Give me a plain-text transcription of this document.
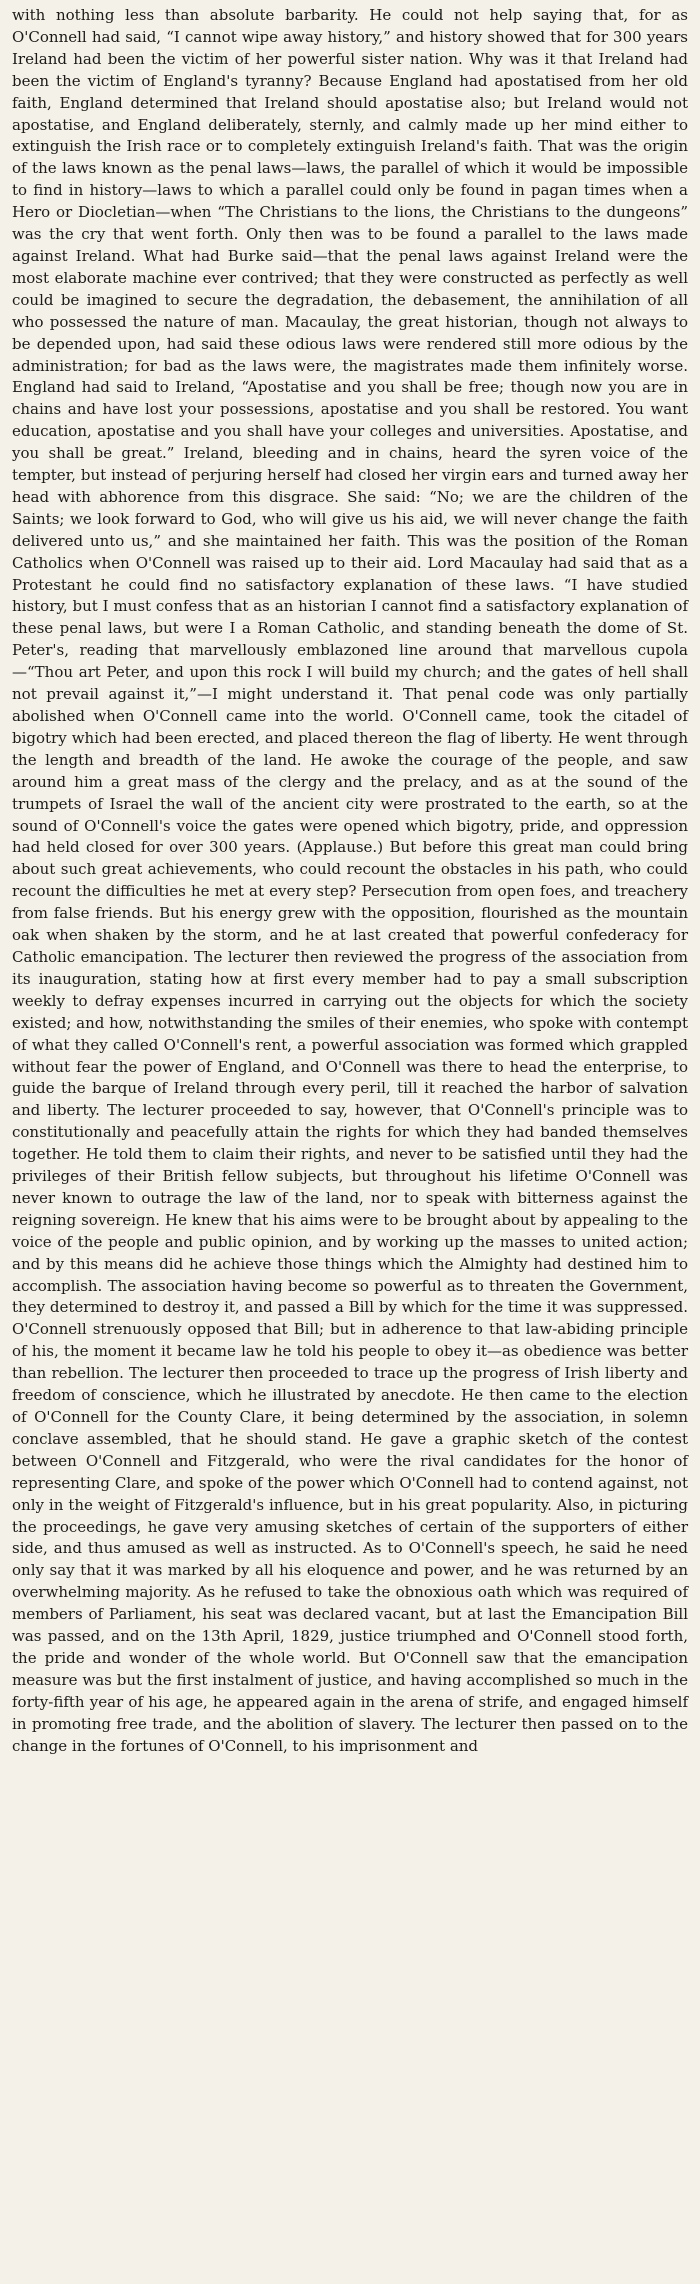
with nothing less than absolute barbarity. He could not help saying that, for as O'Connell had said, “I cannot wipe away history,” and history showed that for 300 years Ireland had been the victim of her powerful sister nation. Why was it that Ireland had been the victim of England's tyranny? Because England had apostatised from her old faith, England determined that Ireland should apostatise also; but Ireland would not apostatise, and England deliberately, sternly, and calmly made up her mind either to extinguish the Irish race or to completely extinguish Ireland's faith. That was the origin of the laws known as the penal laws—laws, the parallel of which it would be impossible to find in history—laws to which a parallel could only be found in pagan times when a Hero or Diocletian—when “The Christians to the lions, the Christians to the dungeons” was the cry that went forth. Only then was to be found a parallel to the laws made against Ireland. What had Burke said—that the penal laws against Ireland were the most elaborate machine ever contrived; that they were constructed as perfectly as well could be imagined to secure the degradation, the debasement, the annihilation of all who possessed the nature of man. Macaulay, the great historian, though not always to be depended upon, had said these odious laws were rendered still more odious by the administration; for bad as the laws were, the magistrates made them infinitely worse. England had said to Ireland, “Apostatise and you shall be free; though now you are in chains and have lost your possessions, apostatise and you shall be restored. You want education, apostatise and you shall have your colleges and universities. Apostatise, and you shall be great.” Ireland, bleeding and in chains, heard the syren voice of the tempter, but instead of perjuring herself had closed her virgin ears and turned away her head with abhorence from this disgrace. She said: “No; we are the children of the Saints; we look forward to God, who will give us his aid, we will never change the faith delivered unto us,” and she maintained her faith. This was the position of the Roman Catholics when O'Connell was raised up to their aid. Lord Macaulay had said that as a Protestant he could find no satisfactory explanation of these laws. “I have studied history, but I must confess that as an historian I cannot find a satisfactory explanation of these penal laws, but were I a Roman Catholic, and standing beneath the dome of St. Peter's, reading that marvellously emblazoned line around that marvellous cupola—“Thou art Peter, and upon this rock I will build my church; and the gates of hell shall not prevail against it,”—I might understand it. That penal code was only partially abolished when O'Connell came into the world. O'Connell came, took the citadel of bigotry which had been erected, and placed thereon the flag of liberty. He went through the length and breadth of the land. He awoke the courage of the people, and saw around him a great mass of the clergy and the prelacy, and as at the sound of the trumpets of Israel the wall of the ancient city were prostrated to the earth, so at the sound of O'Connell's voice the gates were opened which bigotry, pride, and oppression had held closed for over 300 years. (Applause.) But before this great man could bring about such great achievements, who could recount the obstacles in his path, who could recount the difficulties he met at every step? Persecution from open foes, and treachery from false friends. But his energy grew with the opposition, flourished as the mountain oak when shaken by the storm, and he at last created that powerful confederacy for Catholic emancipation. The lecturer then reviewed the progress of the association from its inauguration, stating how at first every member had to pay a small subscription weekly to defray expenses incurred in carrying out the objects for which the society existed; and how, notwithstanding the smiles of their enemies, who spoke with contempt of what they called O'Connell's rent, a powerful association was formed which grappled without fear the power of England, and O'Connell was there to head the enterprise, to guide the barque of Ireland through every peril, till it reached the harbor of salvation and liberty. The lecturer proceeded to say, however, that O'Connell's principle was to constitutionally and peacefully attain the rights for which they had banded themselves together. He told them to claim their rights, and never to be satisfied until they had the privileges of their British fellow subjects, but throughout his lifetime O'Connell was never known to outrage the law of the land, nor to speak with bitterness against the reigning sovereign. He knew that his aims were to be brought about by appealing to the voice of the people and public opinion, and by working up the masses to united action; and by this means did he achieve those things which the Almighty had destined him to accomplish. The association having become so powerful as to threaten the Government, they determined to destroy it, and passed a Bill by which for the time it was suppressed. O'Connell strenuously opposed that Bill; but in adherence to that law-abiding principle of his, the moment it became law he told his people to obey it—as obedience was better than rebellion. The lecturer then proceeded to trace up the progress of Irish liberty and freedom of conscience, which he illustrated by anecdote. He then came to the election of O'Connell for the County Clare, it being determined by the association, in solemn conclave assembled, that he should stand. He gave a graphic sketch of the contest between O'Connell and Fitzgerald, who were the rival candidates for the honor of representing Clare, and spoke of the power which O'Connell had to contend against, not only in the weight of Fitzgerald's influence, but in his great popularity. Also, in picturing the proceedings, he gave very amusing sketches of certain of the supporters of either side, and thus amused as well as instructed. As to O'Connell's speech, he said he need only say that it was marked by all his eloquence and power, and he was returned by an overwhelming majority. As he refused to take the obnoxious oath which was required of members of Parliament, his seat was declared vacant, but at last the Emancipation Bill was passed, and on the 13th April, 1829, justice triumphed and O'Connell stood forth, the pride and wonder of the whole world. But O'Connell saw that the emancipation measure was but the first instalment of justice, and having accomplished so much in the forty-fifth year of his age, he appeared again in the arena of strife, and engaged himself in promoting free trade, and the abolition of slavery. The lecturer then passed on to the change in the fortunes of O'Connell, to his imprisonment and
